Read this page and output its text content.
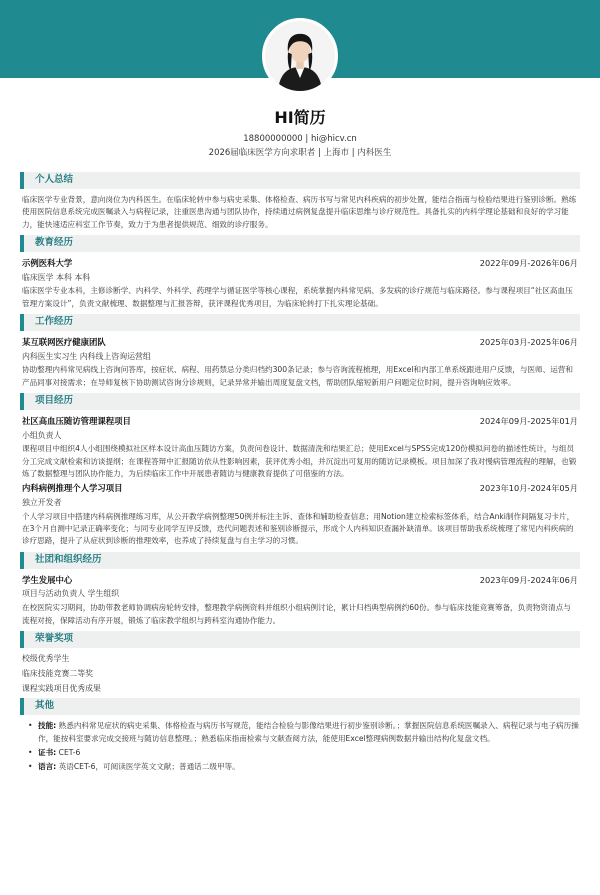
HI简历
18800000000 | hi@hicv.cn
2026届临床医学方向求职者 | 上海市 | 内科医生
个人总结
临床医学专业背景，意向岗位为内科医生。在临床轮转中参与病史采集、体格检查、病历书写与常见内科疾病的初步处置，能结合指南与检验结果进行鉴别诊断。熟练使用医院信息系统完成医嘱录入与病程记录，注重医患沟通与团队协作，持续通过病例复盘提升临床思维与诊疗规范性。具备扎实的内科学理论基础和良好的学习能力，能快速适应科室工作节奏，致力于为患者提供规范、细致的诊疗服务。
教育经历
示例医科大学	2022年09月-2026年06月
临床医学 本科 本科
临床医学专业本科，主修诊断学、内科学、外科学、药理学与循证医学等核心课程，系统掌握内科常见病、多发病的诊疗规范与临床路径。参与课程项目“社区高血压管理方案设计”，负责文献梳理、数据整理与汇报答辩，获评课程优秀项目，为临床轮转打下扎实理论基础。
工作经历
某互联网医疗健康团队	2025年03月-2025年06月
内科医生实习生 内科线上咨询运营组
协助整理内科常见病线上咨询问答库，按症状、病程、用药禁忌分类归档约300条记录；参与咨询流程梳理，用Excel和内部工单系统跟进用户反馈，与医师、运营和产品同事对接需求；在导师复核下协助测试咨询分诊规则，记录异常并输出周度复盘文档，帮助团队缩短新用户问题定位时间，提升咨询响应效率。
项目经历
社区高血压随访管理课程项目	2024年09月-2025年01月
小组负责人
课程项目中组织4人小组围绕模拟社区样本设计高血压随访方案，负责问卷设计、数据清洗和结果汇总；使用Excel与SPSS完成120份模拟问卷的描述性统计，与组员分工完成文献检索和访谈提纲；在课程答辩中汇报随访依从性影响因素，获评优秀小组，并沉淀出可复用的随访记录模板。项目加深了我对慢病管理流程的理解，也锻炼了数据整理与团队协作能力，为后续临床工作中开展患者随访与健康教育提供了可借鉴的方法。
内科病例推理个人学习项目	2023年10月-2024年05月
独立开发者
个人学习项目中搭建内科病例推理练习库，从公开教学病例整理50例并标注主诉、查体和辅助检查信息；用Notion建立检索标签体系，结合Anki制作间隔复习卡片，在3个月自测中记录正确率变化；与同专业同学互评反馈，迭代问题表述和鉴别诊断提示，形成个人内科知识查漏补缺清单。该项目帮助我系统梳理了常见内科疾病的诊疗思路，提升了从症状到诊断的推理效率，也养成了持续复盘与自主学习的习惯。
社团和组织经历
学生发展中心	2023年09月-2024年06月
项目与活动负责人 学生组织
在校医院实习期间，协助带教老师协调病房轮转安排，整理教学病例资料并组织小组病例讨论，累计归档典型病例约60份。参与临床技能竞赛筹备，负责物资清点与流程对接，保障活动有序开展，锻炼了临床教学组织与跨科室沟通协作能力。
荣誉奖项
校级优秀学生
临床技能竞赛二等奖
课程实践项目优秀成果
其他
• 技能: 熟悉内科常见症状的病史采集、体格检查与病历书写规范，能结合检验与影像结果进行初步鉴别诊断。；掌握医院信息系统医嘱录入、病程记录与电子病历操作，能按科室要求完成交接班与随访信息整理。；熟悉临床指南检索与文献查阅方法，能使用Excel整理病例数据并输出结构化复盘文档。
• 证书: CET-6
• 语言: 英语CET-6，可阅读医学英文文献；普通话二级甲等。
